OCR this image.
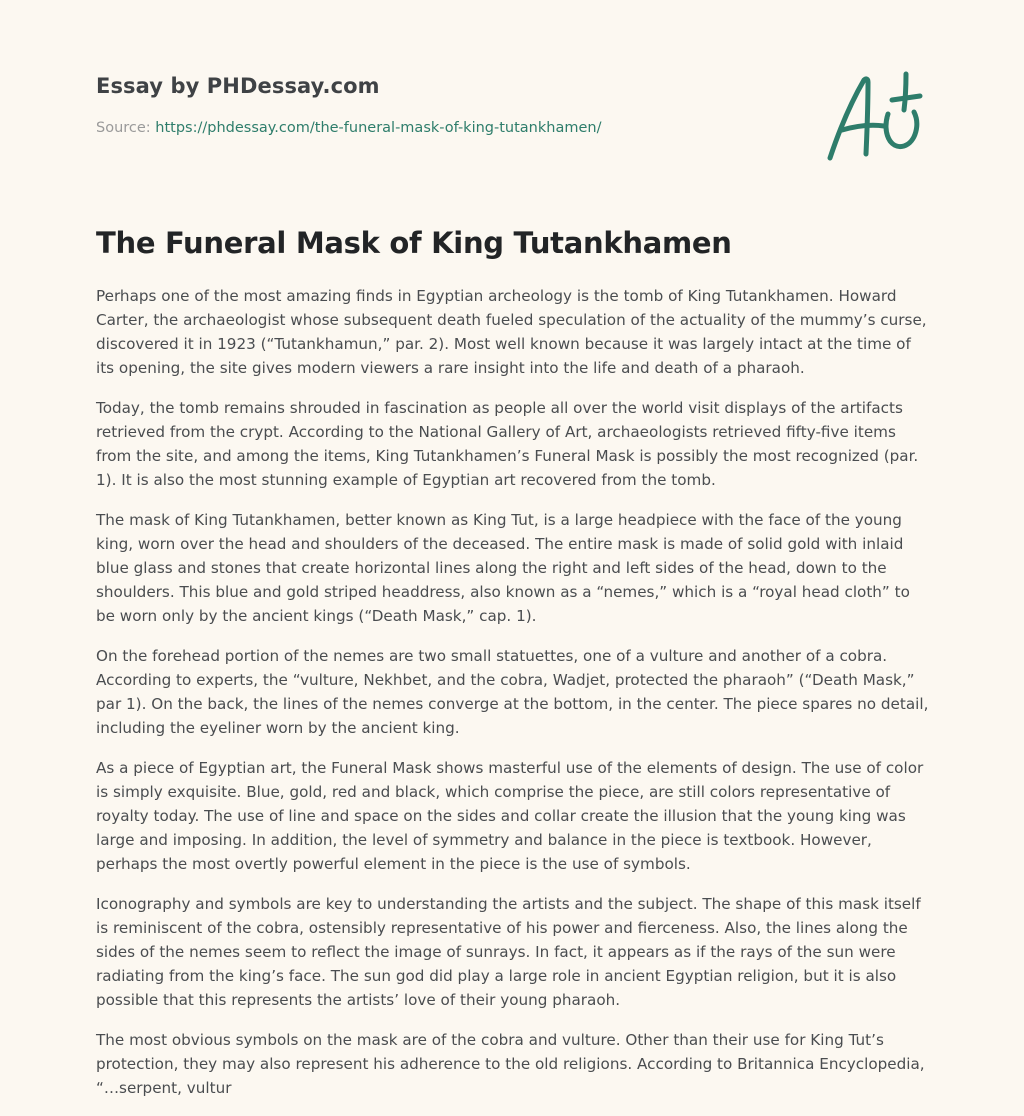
Essay by PHDessay.com
Source: https://phdessay.com/the-funeral-mask-of-king-tutankhamen/
The Funeral Mask of King Tutankhamen

Perhaps one of the most amazing finds in Egyptian archeology is the tomb of King Tutankhamen. Howard Carter, the archaeologist whose subsequent death fueled speculation of the actuality of the mummy’s curse, discovered it in 1923 (“Tutankhamun,” par. 2). Most well known because it was largely intact at the time of its opening, the site gives modern viewers a rare insight into the life and death of a pharaoh.

Today, the tomb remains shrouded in fascination as people all over the world visit displays of the artifacts retrieved from the crypt. According to the National Gallery of Art, archaeologists retrieved fifty-five items from the site, and among the items, King Tutankhamen’s Funeral Mask is possibly the most recognized (par. 1). It is also the most stunning example of Egyptian art recovered from the tomb.

The mask of King Tutankhamen, better known as King Tut, is a large headpiece with the face of the young king, worn over the head and shoulders of the deceased. The entire mask is made of solid gold with inlaid blue glass and stones that create horizontal lines along the right and left sides of the head, down to the shoulders. This blue and gold striped headdress, also known as a “nemes,” which is a “royal head cloth” to be worn only by the ancient kings (“Death Mask,” cap. 1).

On the forehead portion of the nemes are two small statuettes, one of a vulture and another of a cobra. According to experts, the “vulture, Nekhbet, and the cobra, Wadjet, protected the pharaoh” (“Death Mask,” par 1). On the back, the lines of the nemes converge at the bottom, in the center. The piece spares no detail, including the eyeliner worn by the ancient king.

As a piece of Egyptian art, the Funeral Mask shows masterful use of the elements of design. The use of color is simply exquisite. Blue, gold, red and black, which comprise the piece, are still colors representative of royalty today. The use of line and space on the sides and collar create the illusion that the young king was large and imposing. In addition, the level of symmetry and balance in the piece is textbook. However, perhaps the most overtly powerful element in the piece is the use of symbols.

Iconography and symbols are key to understanding the artists and the subject. The shape of this mask itself is reminiscent of the cobra, ostensibly representative of his power and fierceness. Also, the lines along the sides of the nemes seem to reflect the image of sunrays. In fact, it appears as if the rays of the sun were radiating from the king’s face. The sun god did play a large role in ancient Egyptian religion, but it is also possible that this represents the artists’ love of their young pharaoh.

The most obvious symbols on the mask are of the cobra and vulture. Other than their use for King Tut’s protection, they may also represent his adherence to the old religions. According to Britannica Encyclopedia, “…serpent, vultur
